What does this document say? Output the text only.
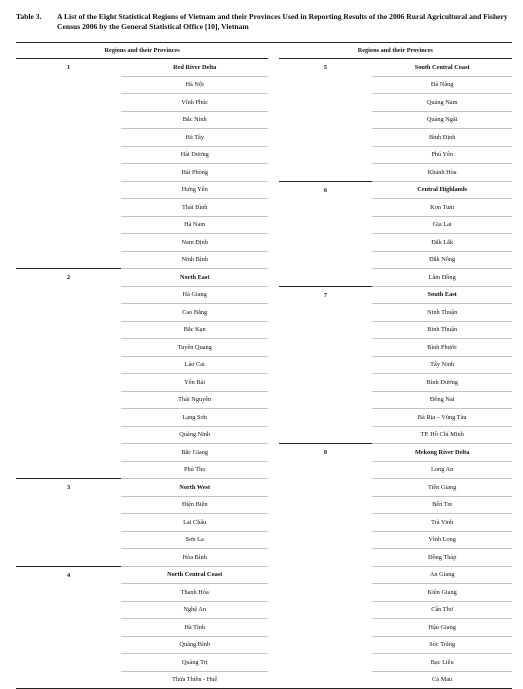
Table 3. A List of the Eight Statistical Regions of Vietnam and their Provinces Used in Reporting Results of the 2006 Rural Agricultural and Fishery Census 2006 by the General Statistical Office [10], Vietnam
Regions and their Provinces			Regions and their Provinces	
1	Red River Delta		5	South Central Coast
	Hà Nội			Đà Nẵng
	Vĩnh Phúc			Quảng Nam
	Bắc Ninh			Quảng Ngãi
	Hà Tây			Bình Định
	Hải Dương			Phú Yên
	Hải Phòng			Khánh Hòa
	Hưng Yên		6	Central Highlands
	Thái Bình			Kon Tum
	Hà Nam			Gia Lai
	Nam Định			Đắk Lắk
	Ninh Bình			Đắk Nông
2	North East			Lâm Đồng
	Hà Giang		7	South East
	Cao Bằng			Ninh Thuận
	Bắc Kạn			Bình Thuận
	Tuyên Quang			Bình Phước
	Lào Cai			Tây Ninh
	Yên Bái			Bình Dương
	Thái Nguyên			Đồng Nai
	Lạng Sơn			Bà Rịa – Vũng Tàu
	Quảng Ninh			TP. Hồ Chí Minh
	Bắc Giang		8	Mekong River Delta
	Phú Thọ			Long An
3	North West			Tiền Giang
	Điện Biên			Bến Tre
	Lai Châu			Trà Vinh
	Sơn La			Vĩnh Long
	Hòa Bình			Đồng Tháp
4	North Central Coast			An Giang
	Thanh Hóa			Kiên Giang
	Nghệ An			Cần Thơ
	Hà Tĩnh			Hậu Giang
	Quảng Bình			Sóc Trăng
	Quảng Trị			Bạc Liêu
	Thừa Thiên - Huế			Cà Mau
